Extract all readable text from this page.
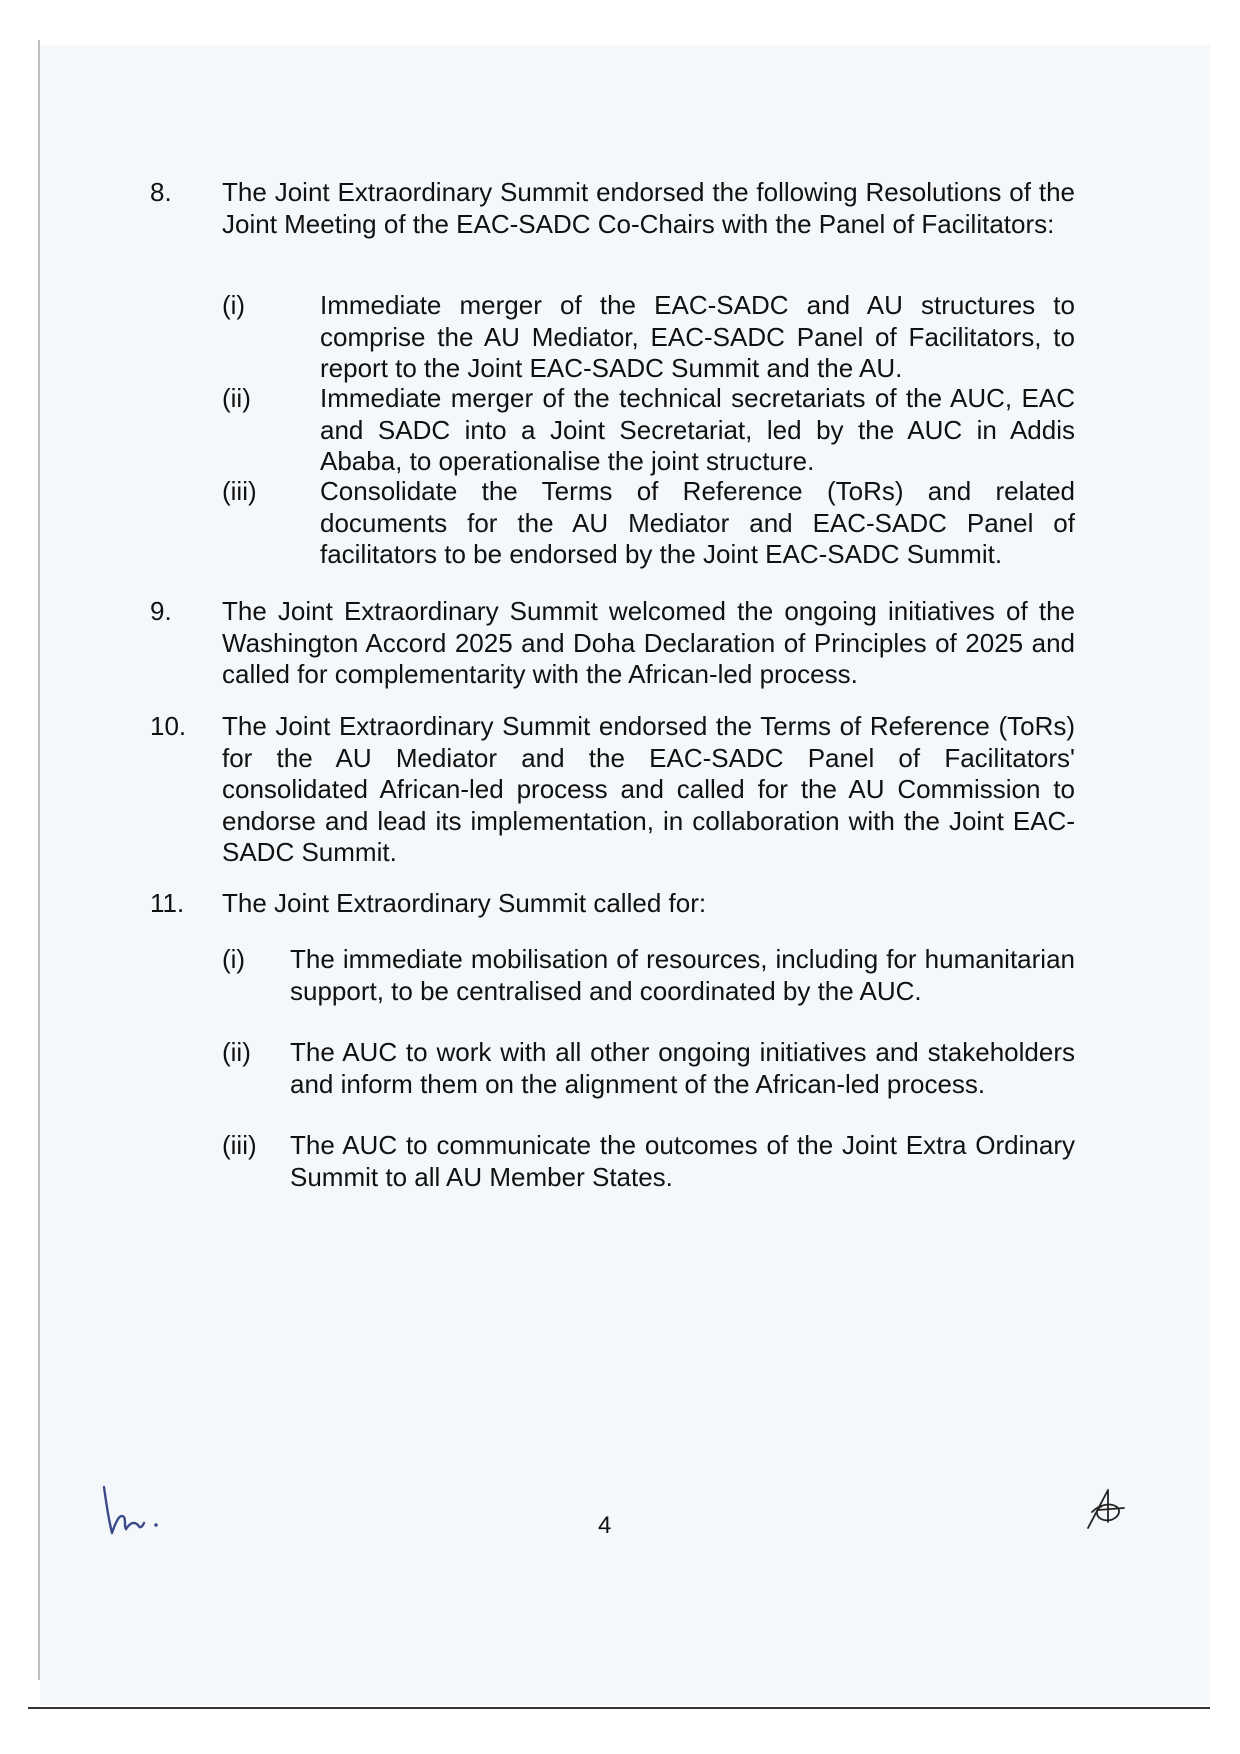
8. The Joint Extraordinary Summit endorsed the following Resolutions of the Joint Meeting of the EAC-SADC Co-Chairs with the Panel of Facilitators:
(i)	Immediate merger of the EAC-SADC and AU structures to comprise the AU Mediator, EAC-SADC Panel of Facilitators, to report to the Joint EAC-SADC Summit and the AU.
(ii)	Immediate merger of the technical secretariats of the AUC, EAC and SADC into a Joint Secretariat, led by the AUC in Addis Ababa, to operationalise the joint structure.
(iii) Consolidate the Terms of Reference (ToRs) and related documents for the AU Mediator and EAC-SADC Panel of facilitators to be endorsed by the Joint EAC-SADC Summit.
9. The Joint Extraordinary Summit welcomed the ongoing initiatives of the Washington Accord 2025 and Doha Declaration of Principles of 2025 and called for complementarity with the African-led process.
10. The Joint Extraordinary Summit endorsed the Terms of Reference (ToRs) for the AU Mediator and the EAC-SADC Panel of Facilitators' consolidated African-led process and called for the AU Commission to endorse and lead its implementation, in collaboration with the Joint EAC-SADC Summit.
11. The Joint Extraordinary Summit called for:
(i) The immediate mobilisation of resources, including for humanitarian support, to be centralised and coordinated by the AUC.
(ii) The AUC to work with all other ongoing initiatives and stakeholders and inform them on the alignment of the African-led process.
(iii) The AUC to communicate the outcomes of the Joint Extra Ordinary Summit to all AU Member States.
4
